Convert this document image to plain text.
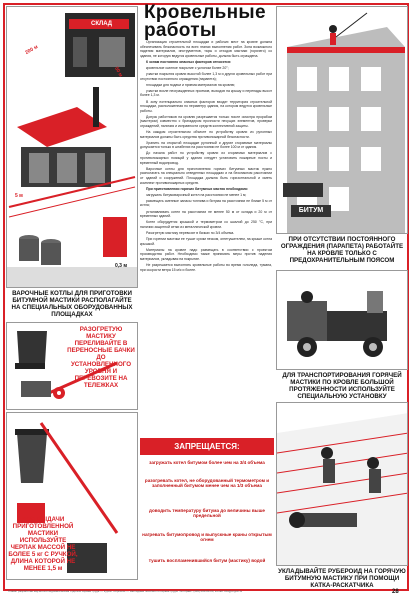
Кровельные работы
СКЛАД
200 м
50 м
5 м
0,3 м
ВАРОЧНЫЕ КОТЛЫ ДЛЯ ПРИГОТОВКИ БИТУМНОЙ МАСТИКИ РАСПОЛАГАЙТЕ НА СПЕЦИАЛЬНЫХ ОБОРУДОВАННЫХ ПЛОЩАДКАХ
РАЗОГРЕТУЮ МАСТИКУ ПЕРЕЛИВАЙТЕ В ПЕРЕНОСНЫЕ БАЧКИ ДО УСТАНОВЛЕННОГО УРОВНЯ И ПЕРЕВОЗИТЕ НА ТЕЛЕЖКАХ
ДЛЯ ВЫДАЧИ ПРИГОТОВЛЕННОЙ МАСТИКИ ИСПОЛЬЗУЙТЕ ЧЕРПАК МАССОЙ НЕ БОЛЕЕ 5 кг С РУЧКОЙ, ДЛИНА КОТОРОЙ НЕ МЕНЕЕ 1,5 м

Организация строительной площадки и рабочих мест на кровле должна обеспечивать безопасность на всех этапах выполнения работ. Зона возможного падения материалов, инструментов, тары и отходов мастики (горячего) со здания, не которую ведутся кровельные работы, должна быть ограждена.

К зонам постоянно опасных факторов относятся:

кровельное скатное покрытие с уклоном более 20°;

участки покрытия кровли высотой более 1,3 м и других кровельных работ при отсутствии постоянного ограждения (парапета);

площадки для подачи и приема материалов на кровлю;

участки возле неогражденных проемов, выходов на крышу и перепады высот более 1,3 м.

В зону потенциально опасных факторов входит территория строительной площадки, расположенная по периметру здания, на котором ведутся кровельные работы.

Допуск работников на кровлю разрешается только после осмотра прорабом (мастером) совместно с бригадиром прочности несущих элементов, проверки ограждений, наличия и исправности средств коллективной защиты.

На каждом строительном объекте по устройству кровли из рулонных материалов должны быть средства противопожарной безопасности.

Хранить на открытой площадке рулонный и другие сгораемые материалы допускается только в штабелях на расстоянии не более 100 м от здания.

До начала работ по устройству кровли из сгораемых материалов с противопожарных позиций у здания следует установить пожарные посты и временный водопровод.

Варочные котлы для приготовления горячих битумных мастик нужно располагать на специально отведенных площадках и на безопасном расстоянии от зданий и сооружений. Площадка должна быть горизонтальной и иметь комплект противопожарных средств.

При приготовлении горячих битумных мастик необходимо:

загружать битумоварочный котел на расстоянии не менее 1 м;

размещать сменные запасы топлива и битума на расстоянии не ближе 5 м от котла;

устанавливать котел на расстоянии не менее 50 м от склада и 20 м от временных зданий.

Котел оборудуется крышкой и термометром со шкалой до 250 °С, при наличии защитной сетки из металлической кровли.

Разогретую мастику перевозят в бачках по 3/4 объема.

При горении мастики ее тушат сухим песком, огнетушителем, на крыше котла крышкой.

Материалы на кровле надо размещать в соответствии с проектом производства работ. Необходимо также принимать меры против падения материалов, укладывая на покрытие.

Не разрешается выполнять кровельные работы во время гололеда, тумана, при скорости ветра 15 м/с и более.

ЗАПРЕЩАЕТСЯ:
загружать котел битумом более чем на 3/4 объема
разогревать котел, не оборудованный термометром и заполненный битумом менее чем на 1/3 объема
доводить температуру битума до величины выше предельной
нагревать битумопровод и выпускные краны открытым огнем
тушить воспламенившийся битум (мастику) водой
БИТУМ
ПРИ ОТСУТСТВИИ ПОСТОЯННОГО ОГРАЖДЕНИЯ (ПАРАПЕТА) РАБОТАЙТЕ НА КРОВЛЕ ТОЛЬКО С ПРЕДОХРАНИТЕЛЬНЫМ ПОЯСОМ
ДЛЯ ТРАНСПОРТИРОВАНИЯ ГОРЯЧЕЙ МАСТИКИ ПО КРОВЛЕ БОЛЬШОЙ ПРОТЯЖЕННОСТИ ИСПОЛЬЗУЙТЕ СПЕЦИАЛЬНУЮ УСТАНОВКУ
УКЛАДЫВАЙТЕ РУБЕРОИД НА ГОРЯЧУЮ БИТУМНУЮ МАСТИКУ ПРИ ПОМОЩИ КАТКА-РАСКАТЧИКА
Плакат разработан научно-исследовательским отделом охраны труда — Курсы: «Оргвиз» — Наглядные пособия по охране труда. Тел./факс: (495) 000-00-00, e-mail: info@orgviz.ru	28
